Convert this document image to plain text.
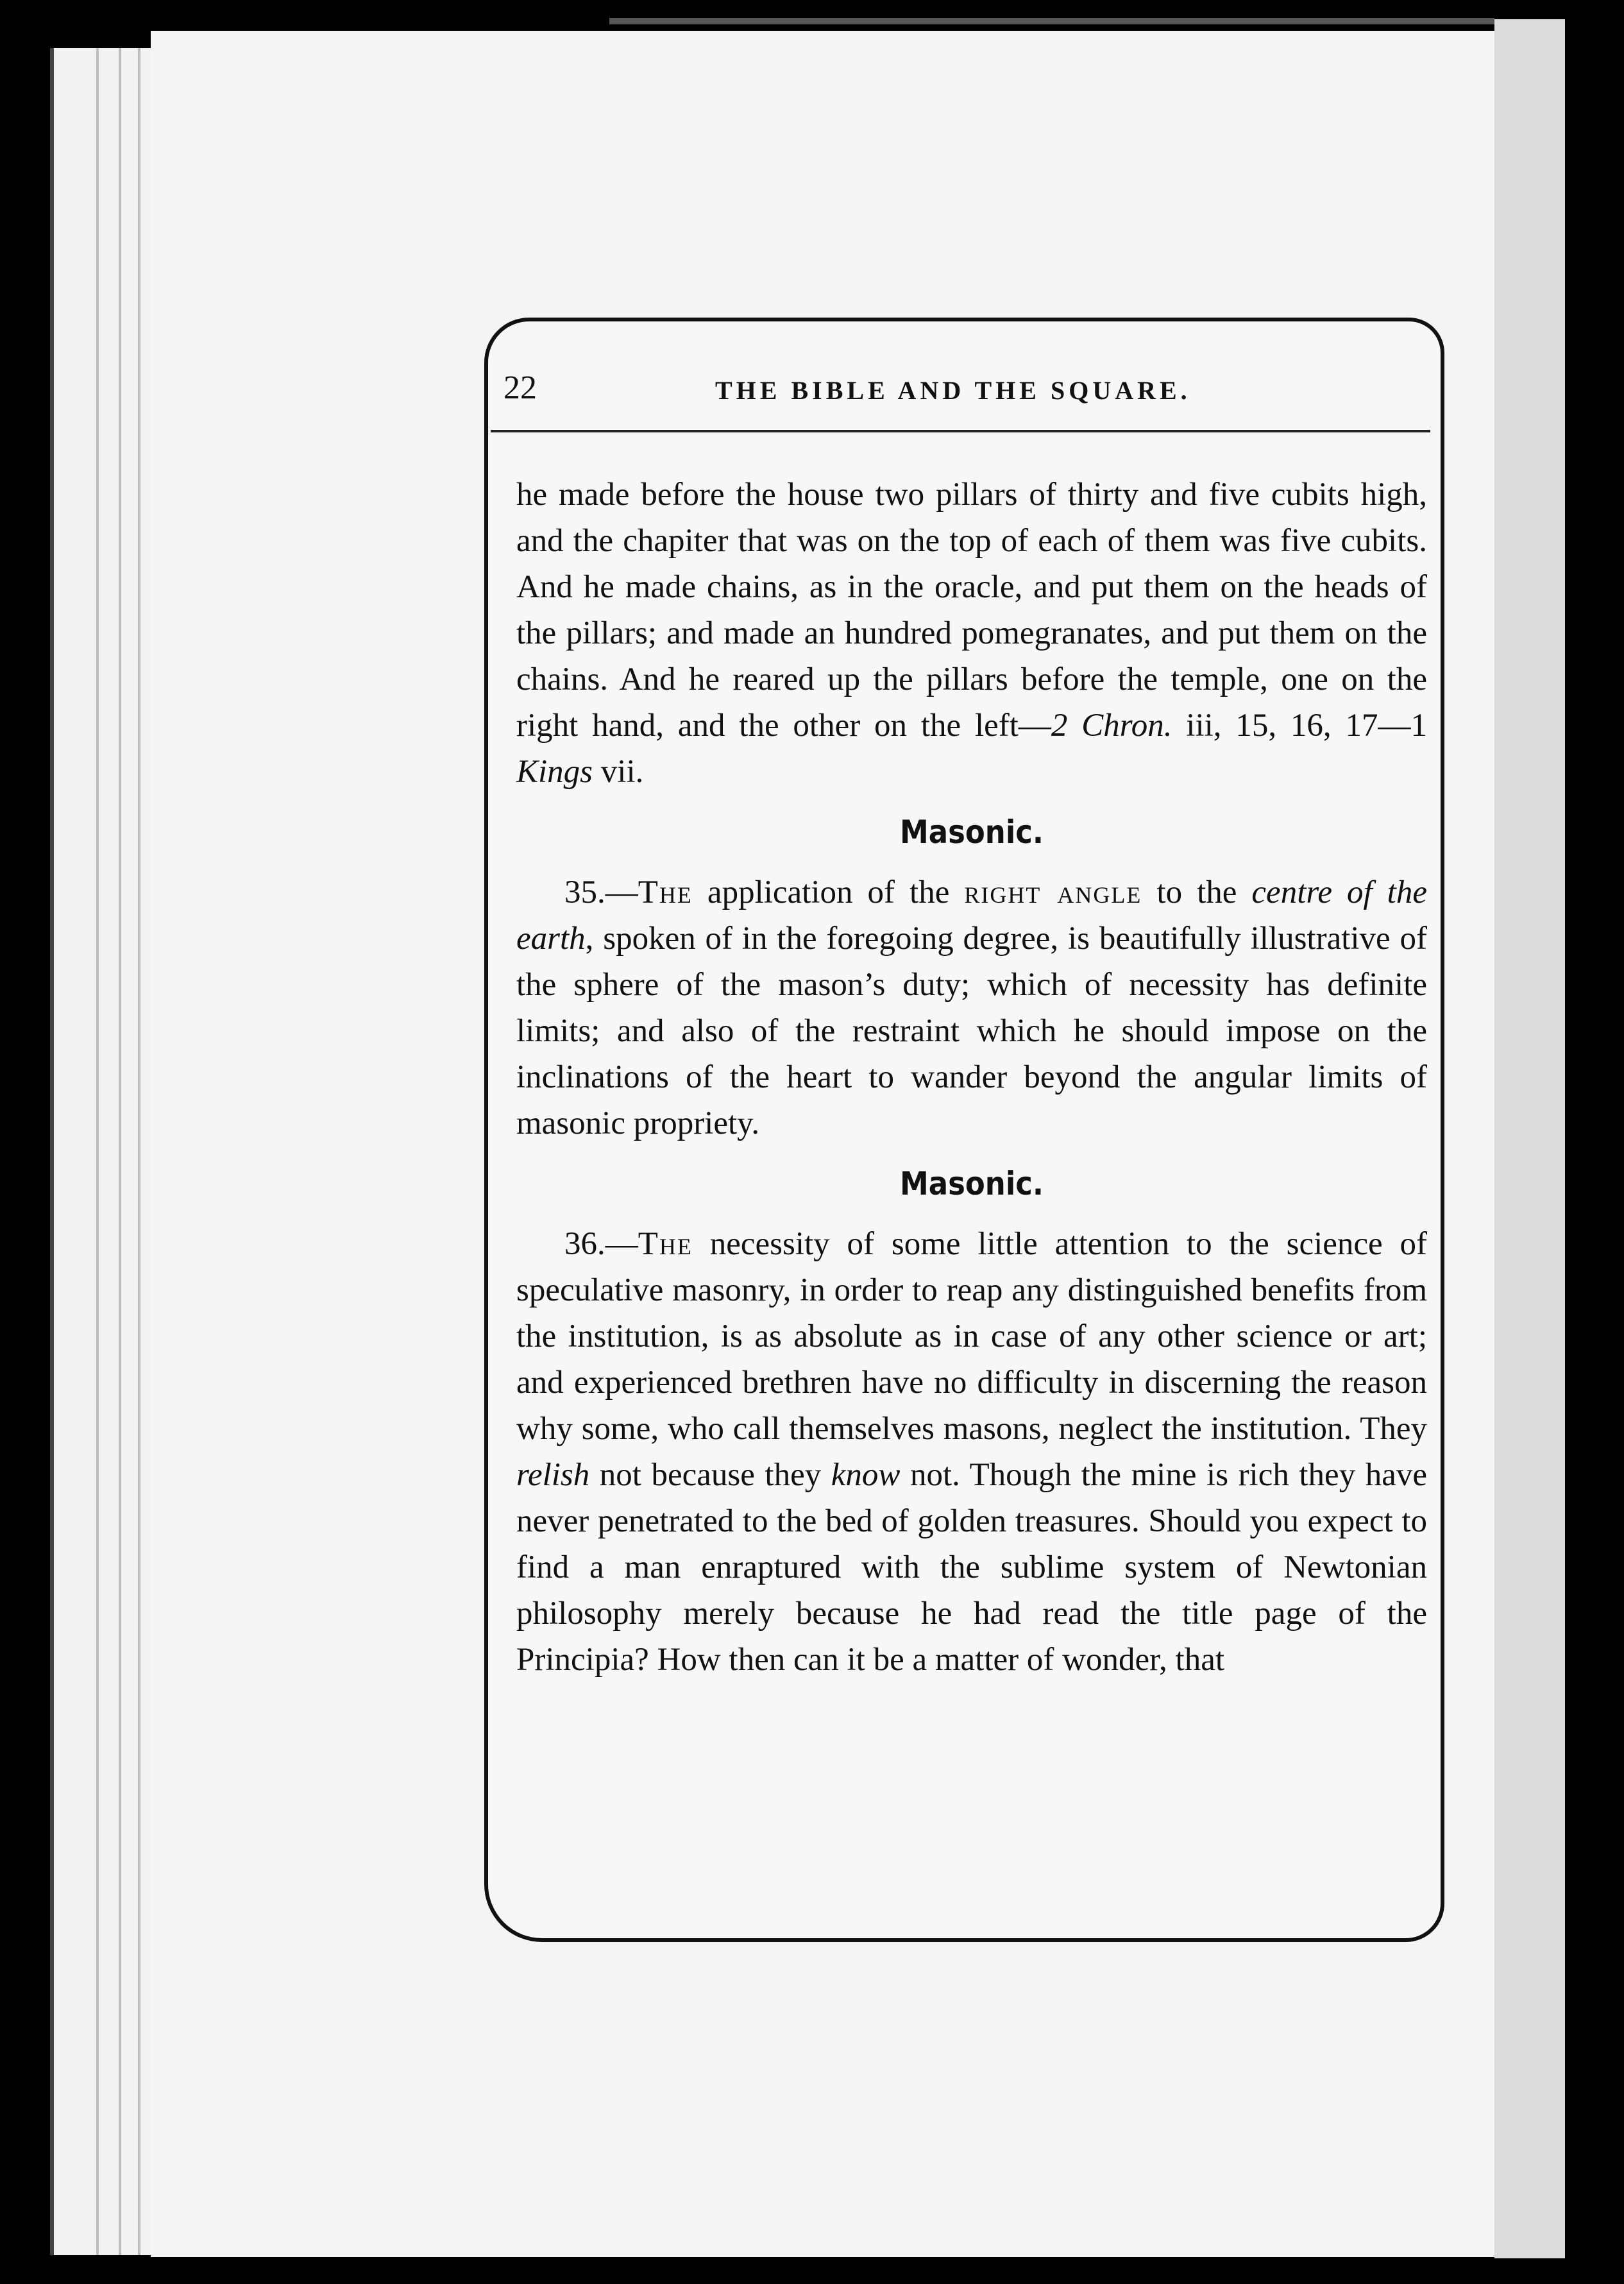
22	THE BIBLE AND THE SQUARE.

he made before the house two pillars of thirty and five cubits high, and the chapiter that was on the top of each of them was five cubits. And he made chains, as in the oracle, and put them on the heads of the pillars; and made an hundred pomegranates, and put them on the chains. And he reared up the pillars before the temple, one on the right hand, and the other on the left—2 Chron. iii, 15, 16, 17—1 Kings vii.

Masonic.

35.—The application of the right angle to the centre of the earth, spoken of in the foregoing degree, is beautifully illustrative of the sphere of the mason’s duty; which of necessity has definite limits; and also of the restraint which he should impose on the inclinations of the heart to wander beyond the angular limits of masonic propriety.

Masonic.

36.—The necessity of some little attention to the science of speculative masonry, in order to reap any distinguished benefits from the institution, is as absolute as in case of any other science or art; and experienced brethren have no difficulty in discerning the reason why some, who call themselves masons, neglect the institution. They relish not because they know not. Though the mine is rich they have never penetrated to the bed of golden treasures. Should you expect to find a man enraptured with the sublime system of Newtonian philosophy merely because he had read the title page of the Principia? How then can it be a matter of wonder, that
